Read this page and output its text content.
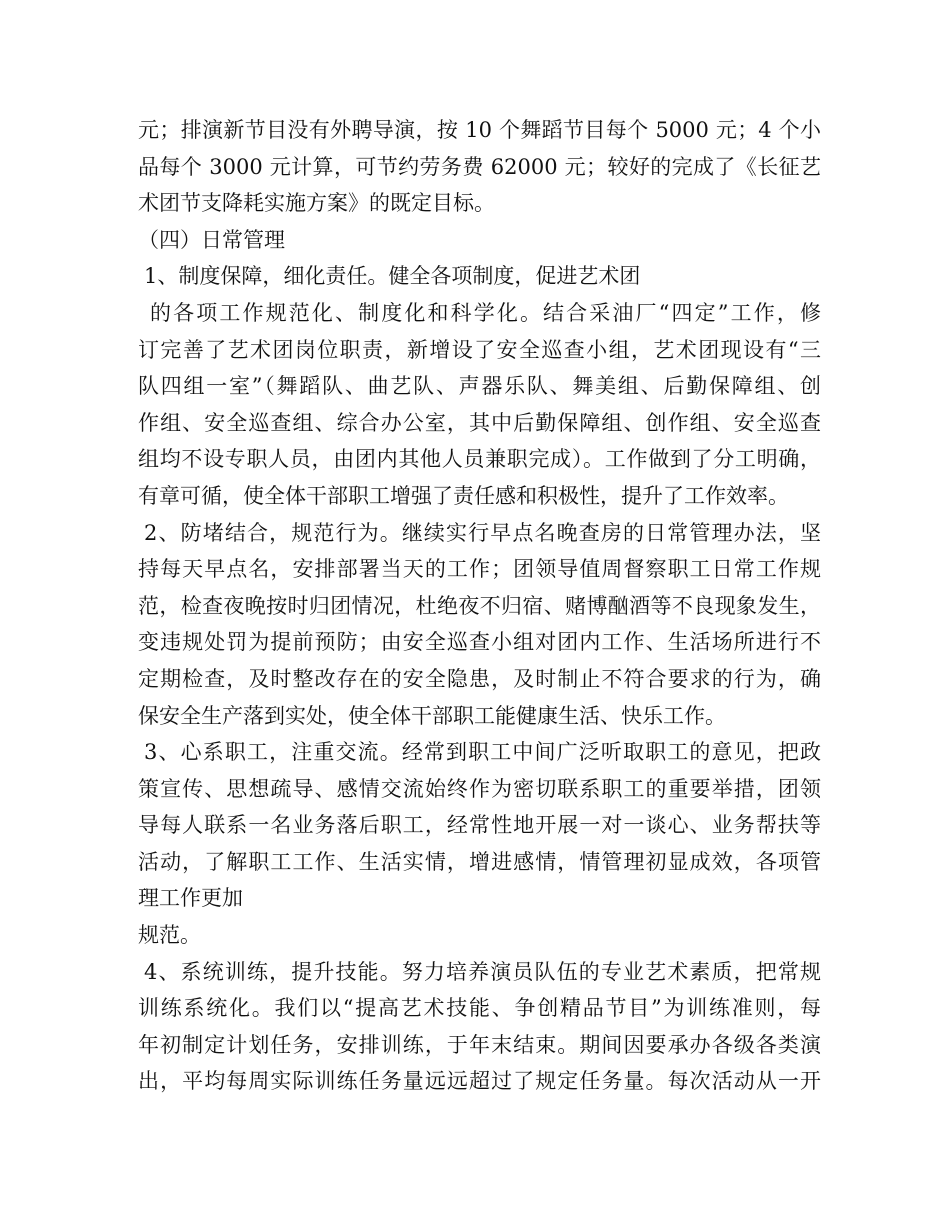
元；排演新节目没有外聘导演，按 10 个舞蹈节目每个 5000 元；4 个小
品每个 3000 元计算，可节约劳务费 62000 元；较好的完成了《长征艺
术团节支降耗实施方案》的既定目标。
（四）日常管理
1、制度保障，细化责任。健全各项制度，促进艺术团
的各项工作规范化、制度化和科学化。结合采油厂“四定”工作，修
订完善了艺术团岗位职责，新增设了安全巡查小组，艺术团现设有“三
队四组一室”（舞蹈队、曲艺队、声器乐队、舞美组、后勤保障组、创
作组、安全巡查组、综合办公室，其中后勤保障组、创作组、安全巡查
组均不设专职人员，由团内其他人员兼职完成）。工作做到了分工明确，
有章可循，使全体干部职工增强了责任感和积极性，提升了工作效率。
2、防堵结合，规范行为。继续实行早点名晚查房的日常管理办法，坚
持每天早点名，安排部署当天的工作；团领导值周督察职工日常工作规
范，检查夜晚按时归团情况，杜绝夜不归宿、赌博酗酒等不良现象发生，
变违规处罚为提前预防；由安全巡查小组对团内工作、生活场所进行不
定期检查，及时整改存在的安全隐患，及时制止不符合要求的行为，确
保安全生产落到实处，使全体干部职工能健康生活、快乐工作。
3、心系职工，注重交流。经常到职工中间广泛听取职工的意见，把政
策宣传、思想疏导、感情交流始终作为密切联系职工的重要举措，团领
导每人联系一名业务落后职工，经常性地开展一对一谈心、业务帮扶等
活动，了解职工工作、生活实情，增进感情，情管理初显成效，各项管
理工作更加
规范。
4、系统训练，提升技能。努力培养演员队伍的专业艺术素质，把常规
训练系统化。我们以“提高艺术技能、争创精品节目”为训练准则，每
年初制定计划任务，安排训练，于年末结束。期间因要承办各级各类演
出，平均每周实际训练任务量远远超过了规定任务量。每次活动从一开
